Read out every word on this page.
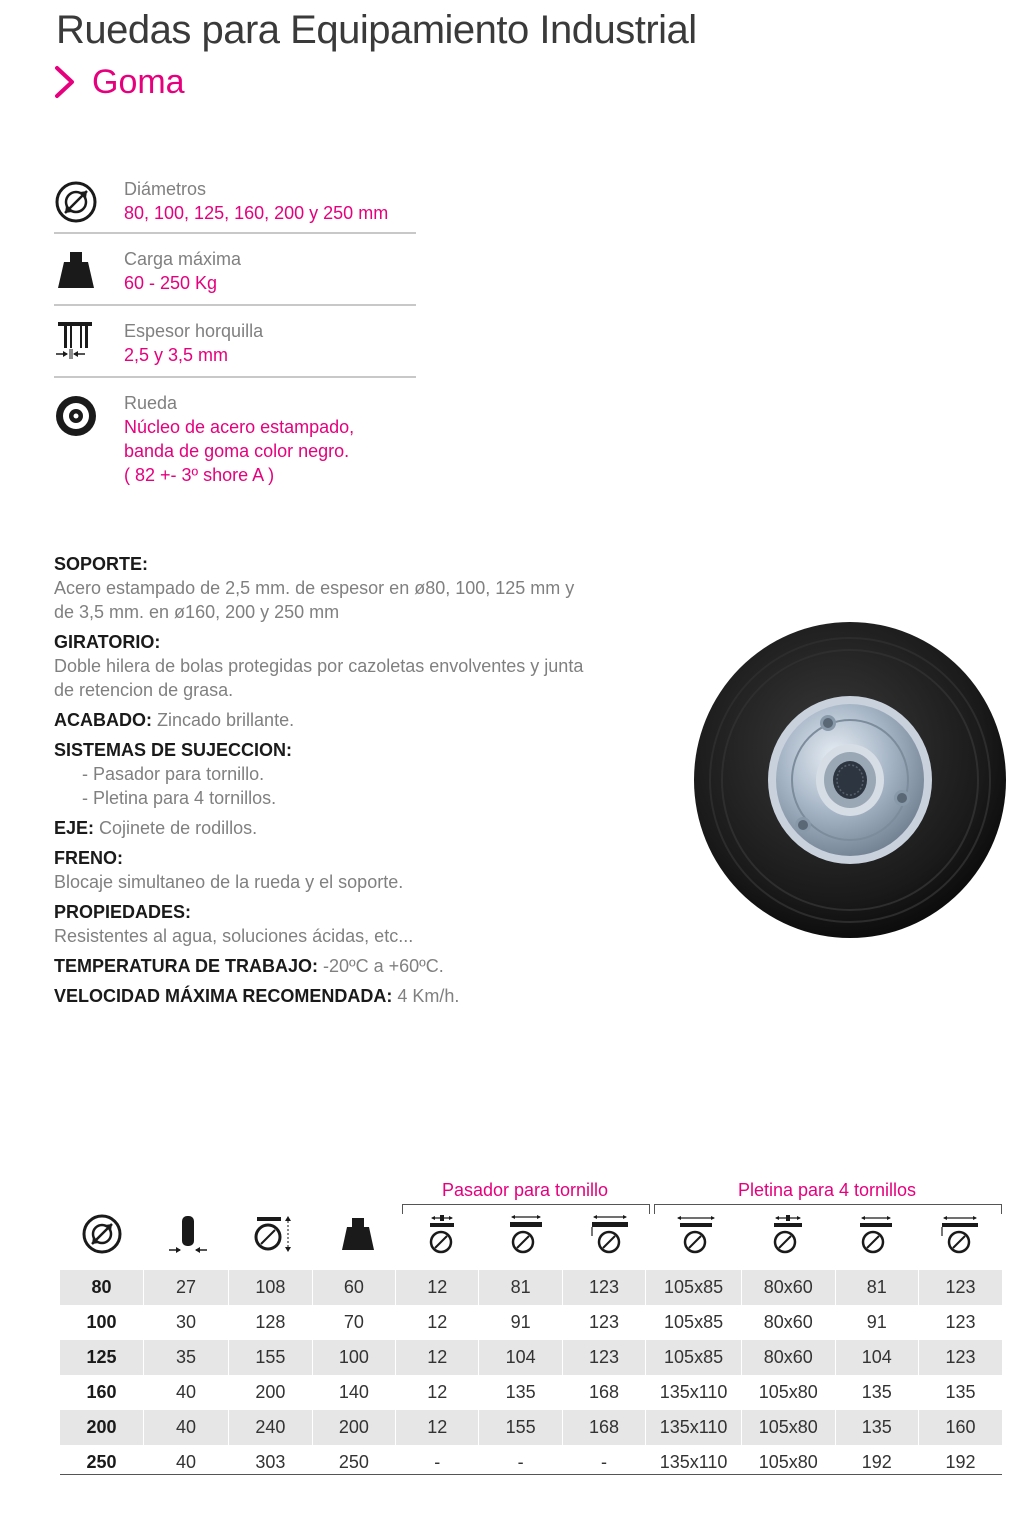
Ruedas para Equipamiento Industrial
Goma
Diámetros
80, 100, 125, 160, 200 y 250 mm
Carga máxima
60 - 250 Kg
Espesor horquilla
2,5 y 3,5 mm
Rueda
Núcleo de acero estampado,
banda de goma color negro.
( 82 +- 3º shore A )
SOPORTE:
Acero estampado de 2,5 mm. de espesor en ø80, 100, 125 mm y
de 3,5 mm. en ø160, 200 y 250 mm
GIRATORIO:
Doble hilera de bolas protegidas por cazoletas envolventes y junta
de retencion de grasa.
ACABADO: Zincado brillante.
SISTEMAS DE SUJECCION:
- Pasador para tornillo.
- Pletina para 4 tornillos.
EJE: Cojinete de rodillos.
FRENO:
Blocaje simultaneo de la rueda y el soporte.
PROPIEDADES:
Resistentes al agua, soluciones ácidas, etc...
TEMPERATURA DE TRABAJO: -20ºC a +60ºC.
VELOCIDAD MÁXIMA RECOMENDADA: 4 Km/h.
Pasador para tornillo	Pletina para 4 tornillos
80	27	108	60	12	81	123	105x85	80x60	81	123
100	30	128	70	12	91	123	105x85	80x60	91	123
125	35	155	100	12	104	123	105x85	80x60	104	123
160	40	200	140	12	135	168	135x110	105x80	135	135
200	40	240	200	12	155	168	135x110	105x80	135	160
250	40	303	250	-	-	-	135x110	105x80	192	192
